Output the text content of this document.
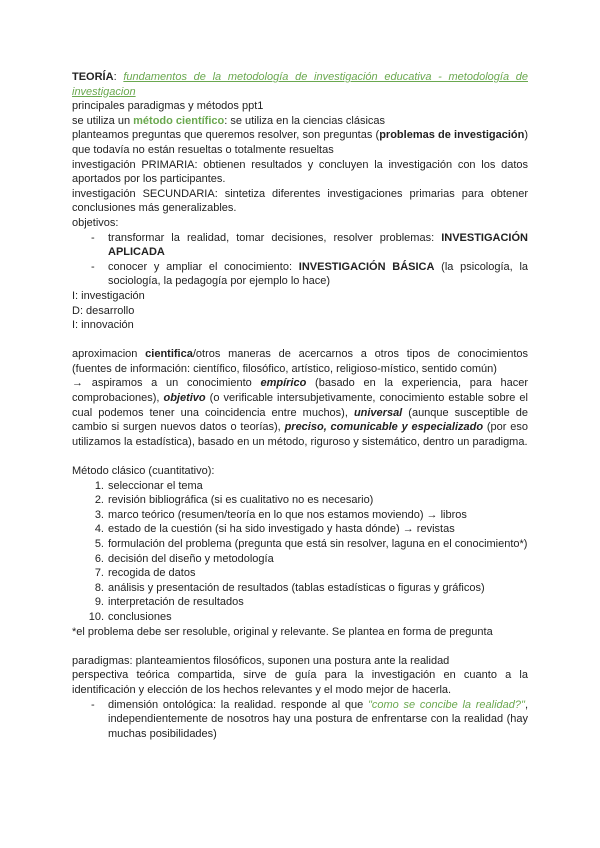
TEORÍA: fundamentos de la metodología de investigación educativa - metodología de investigacion

principales paradigmas y métodos ppt1

se utiliza un método científico: se utiliza en la ciencias clásicas

planteamos preguntas que queremos resolver, son preguntas (problemas de investigación) que todavía no están resueltas o totalmente resueltas

investigación PRIMARIA: obtienen resultados y concluyen la investigación con los datos aportados por los participantes.

investigación SECUNDARIA: sintetiza diferentes investigaciones primarias para obtener conclusiones más generalizables.

objetivos:

- transformar la realidad, tomar decisiones, resolver problemas: INVESTIGACIÓN APLICADA
- conocer y ampliar el conocimiento: INVESTIGACIÓN BÁSICA (la psicología, la sociología, la pedagogía por ejemplo lo hace)

I: investigación

D: desarrollo

I: innovación

aproximacion cientifica/otros maneras de acercarnos a otros tipos de conocimientos (fuentes de información: científico, filosófico, artístico, religioso-místico, sentido común)

→ aspiramos a un conocimiento empírico (basado en la experiencia, para hacer comprobaciones), objetivo (o verificable intersubjetivamente, conocimiento estable sobre el cual podemos tener una coincidencia entre muchos), universal (aunque susceptible de cambio si surgen nuevos datos o teorías), preciso, comunicable y especializado (por eso utilizamos la estadística), basado en un método, riguroso y sistemático, dentro un paradigma.

Método clásico (cuantitativo):

1. seleccionar el tema
2. revisión bibliográfica (si es cualitativo no es necesario)
3. marco teórico (resumen/teoría en lo que nos estamos moviendo) → libros
4. estado de la cuestión (si ha sido investigado y hasta dónde) → revistas
5. formulación del problema (pregunta que está sin resolver, laguna en el conocimiento*)
6. decisión del diseño y metodología
7. recogida de datos
8. análisis y presentación de resultados (tablas estadísticas o figuras y gráficos)
9. interpretación de resultados
10. conclusiones

*el problema debe ser resoluble, original y relevante. Se plantea en forma de pregunta

paradigmas: planteamientos filosóficos, suponen una postura ante la realidad

perspectiva teórica compartida, sirve de guía para la investigación en cuanto a la identificación y elección de los hechos relevantes y el modo mejor de hacerla.

- dimensión ontológica: la realidad. responde al que "como se concibe la realidad?", independientemente de nosotros hay una postura de enfrentarse con la realidad (hay muchas posibilidades)
